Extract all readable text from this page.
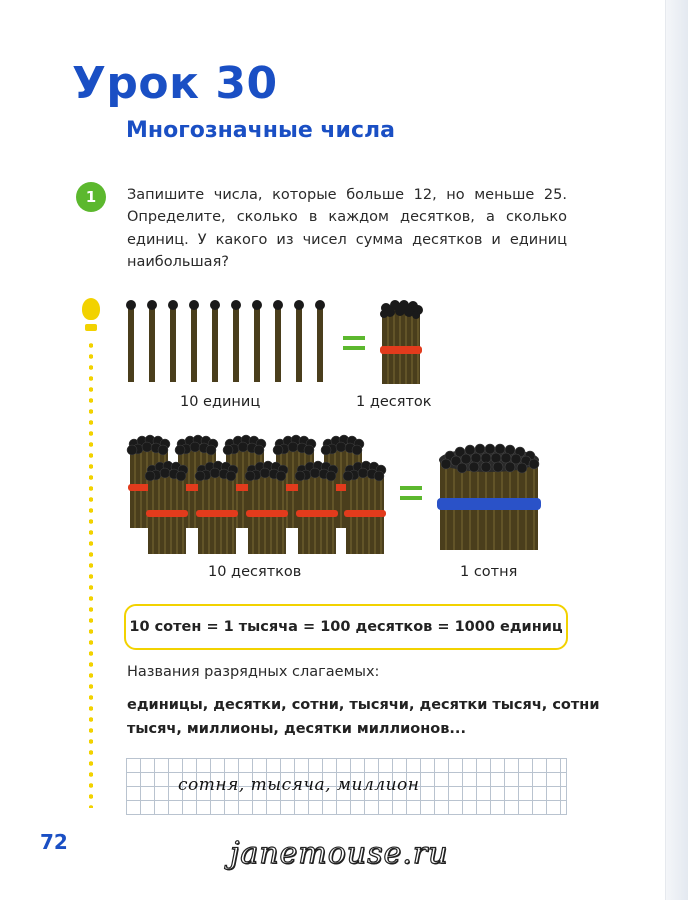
Урок 30
Многозначные числа
1	Запишите числа, которые больше 12, но меньше 25. Определите, сколько в каждом десятков, а сколько единиц. У какого из чисел сумма десятков и единиц наибольшая?

10 единиц	1 десяток
10 десятков	1 сотня
10 сотен = 1 тысяча = 100 десятков = 1000 единиц

Названия разрядных слагаемых:

единицы, десятки, сотни, тысячи, десятки тысяч, сотни тысяч, миллионы, десятки миллионов...

сотня, тысяча, миллион

72	janemouse.ru
